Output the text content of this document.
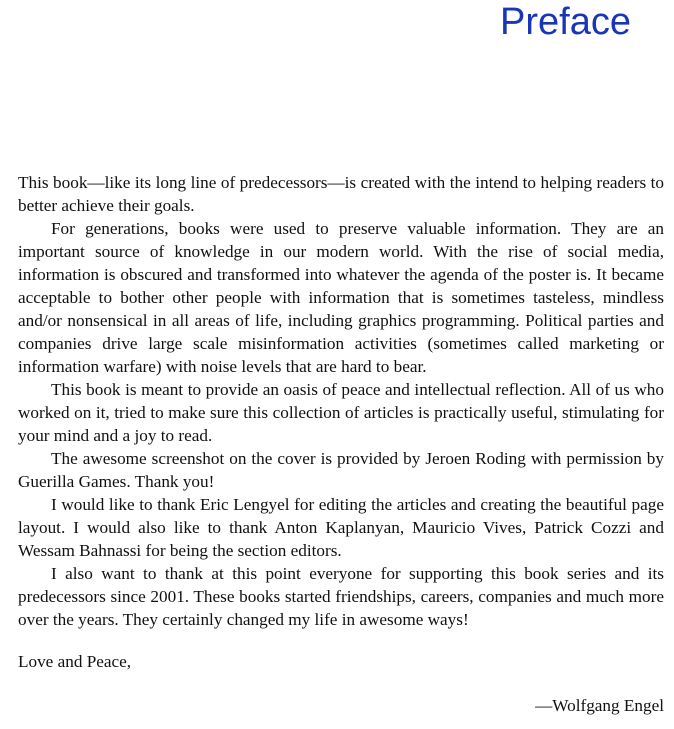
Preface

This book—like its long line of predecessors—is created with the intend to helping readers to better achieve their goals.

For generations, books were used to preserve valuable information. They are an important source of knowledge in our modern world. With the rise of social media, information is obscured and transformed into whatever the agenda of the poster is. It became acceptable to bother other people with information that is sometimes tasteless, mindless and/or nonsensical in all areas of life, including graphics programming. Political parties and companies drive large scale misinformation activities (sometimes called marketing or information warfare) with noise levels that are hard to bear.

This book is meant to provide an oasis of peace and intellectual reflection. All of us who worked on it, tried to make sure this collection of articles is practically useful, stimulating for your mind and a joy to read.

The awesome screenshot on the cover is provided by Jeroen Roding with permission by Guerilla Games. Thank you!

I would like to thank Eric Lengyel for editing the articles and creating the beautiful page layout. I would also like to thank Anton Kaplanyan, Mauricio Vives, Patrick Cozzi and Wessam Bahnassi for being the section editors.

I also want to thank at this point everyone for supporting this book series and its predecessors since 2001. These books started friendships, careers, companies and much more over the years. They certainly changed my life in awesome ways!

Love and Peace,

—Wolfgang Engel
